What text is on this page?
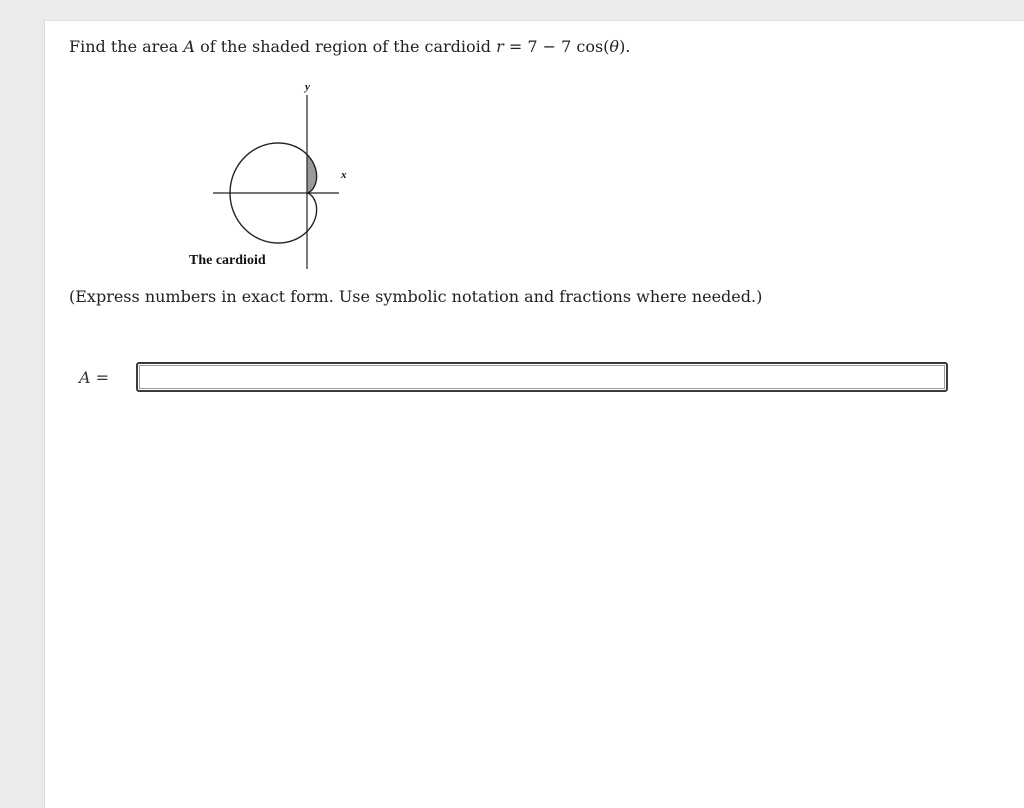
Find the area A of the shaded region of the cardioid r = 7 − 7 cos(θ).
y
x
The cardioid
(Express numbers in exact form. Use symbolic notation and fractions where needed.)
A =
